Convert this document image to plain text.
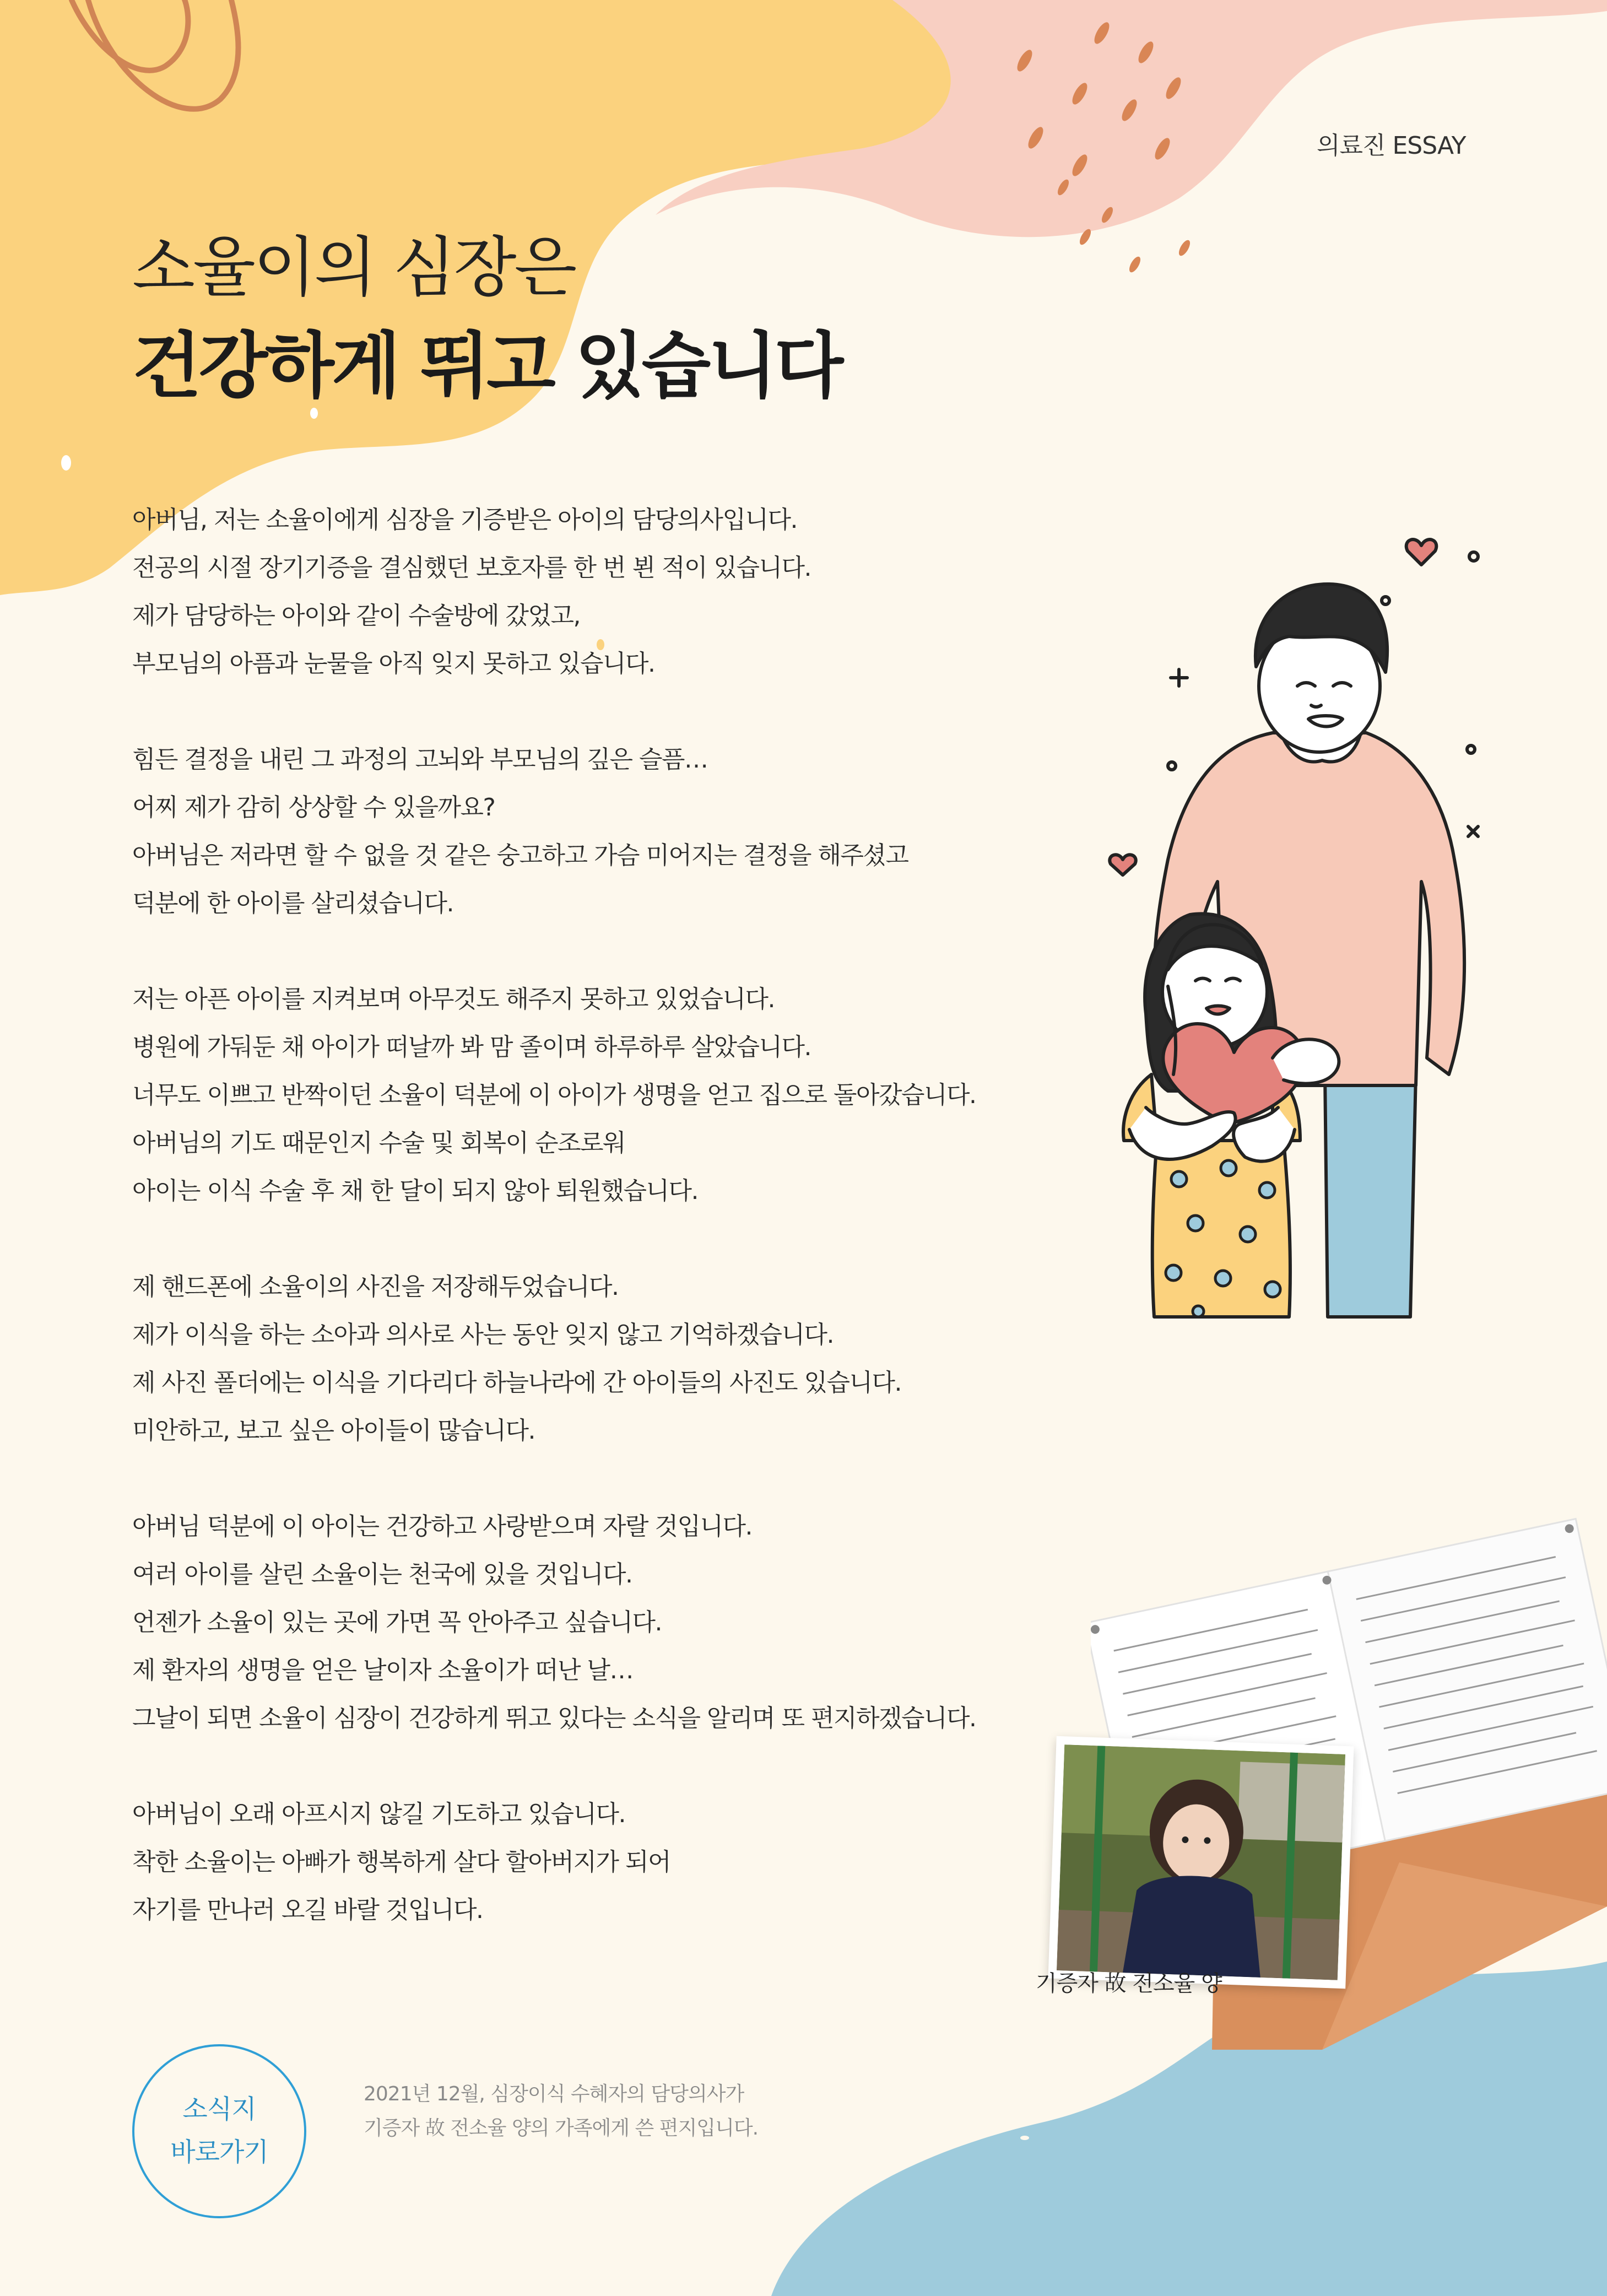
의료진 ESSAY
소율이의 심장은
건강하게 뛰고 있습니다
아버님, 저는 소율이에게 심장을 기증받은 아이의 담당의사입니다.
전공의 시절 장기기증을 결심했던 보호자를 한 번 뵌 적이 있습니다.
제가 담당하는 아이와 같이 수술방에 갔었고,
부모님의 아픔과 눈물을 아직 잊지 못하고 있습니다.
힘든 결정을 내린 그 과정의 고뇌와 부모님의 깊은 슬픔…
어찌 제가 감히 상상할 수 있을까요?
아버님은 저라면 할 수 없을 것 같은 숭고하고 가슴 미어지는 결정을 해주셨고
덕분에 한 아이를 살리셨습니다.
저는 아픈 아이를 지켜보며 아무것도 해주지 못하고 있었습니다.
병원에 가둬둔 채 아이가 떠날까 봐 맘 졸이며 하루하루 살았습니다.
너무도 이쁘고 반짝이던 소율이 덕분에 이 아이가 생명을 얻고 집으로 돌아갔습니다.
아버님의 기도 때문인지 수술 및 회복이 순조로워
아이는 이식 수술 후 채 한 달이 되지 않아 퇴원했습니다.
제 핸드폰에 소율이의 사진을 저장해두었습니다.
제가 이식을 하는 소아과 의사로 사는 동안 잊지 않고 기억하겠습니다.
제 사진 폴더에는 이식을 기다리다 하늘나라에 간 아이들의 사진도 있습니다.
미안하고, 보고 싶은 아이들이 많습니다.
아버님 덕분에 이 아이는 건강하고 사랑받으며 자랄 것입니다.
여러 아이를 살린 소율이는 천국에 있을 것입니다.
언젠가 소율이 있는 곳에 가면 꼭 안아주고 싶습니다.
제 환자의 생명을 얻은 날이자 소율이가 떠난 날…
그날이 되면 소율이 심장이 건강하게 뛰고 있다는 소식을 알리며 또 편지하겠습니다.
아버님이 오래 아프시지 않길 기도하고 있습니다.
착한 소율이는 아빠가 행복하게 살다 할아버지가 되어
자기를 만나러 오길 바랄 것입니다.
기증자 故 전소율 양
소식지
바로가기
2021년 12월, 심장이식 수혜자의 담당의사가
기증자 故 전소율 양의 가족에게 쓴 편지입니다.
